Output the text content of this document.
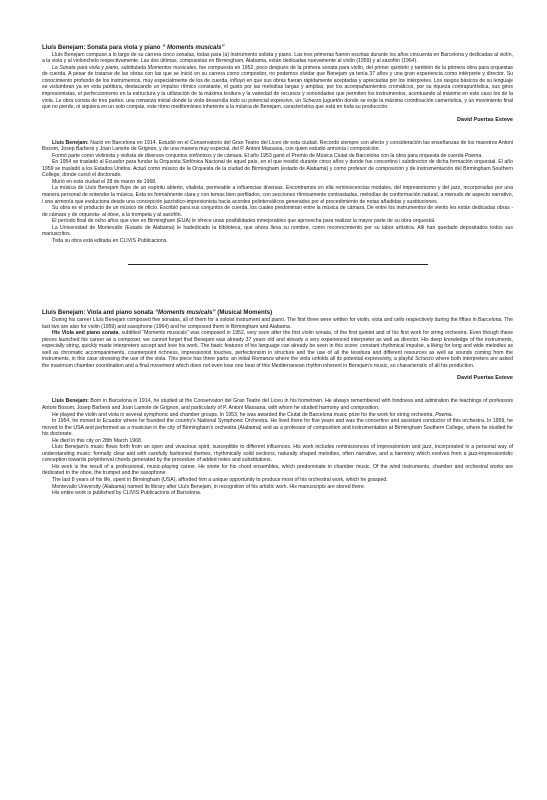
Lluís Benejam: Sonata para viola y piano “ Moments musicals”

Lluís Benejam compuso a lo largo de su carrera cinco sonatas, todas para (a) instrumento solista y piano. Las tres primeras fueron escritas durante los años cincuenta en Barcelona y dedicadas al violín, a la viola y al violonchelo respectivamente. Las dos últimas, compuestas en Birmingham, Alabama, están dedicadas nuevamente al violín (1959) y al saxofón (1964).

La Sonata para viola y piano, subtitulada Momentos musicales, fue compuesta en 1952, poco después de la primera sonata para violín, del primer quinteto y también de la primera obra para orquestas de cuerda. A pesar de tratarse de las obras con las que se inició en su carrera como compositor, no podemos olvidar que Benejam ya tenía 37 años y una gran experiencia como intérprete y director. Su conocimiento profundo de los instrumentos, muy especialmente de los de cuerda, influyó en que sus obras fueran rápidamente aceptadas y apreciadas por los intérpretes. Los rasgos básicos de su lenguaje se vislumbran ya en esta partitura, destacando un impulso rítmico constante, el gusto por las melodías largas y amplias, por los acompañamientos cromáticos, por su riqueza contrapuntística, sus giros impresionistas, el perfeccionismo en la estructura y la utilización de la máxima tesitura y la variedad de recursos y sonoridades que permiten los instrumentos, acentuando al máximo en este caso los de la viola. La obra consta de tres partes: una romanza inicial donde la viola desarrolla todo su potencial expresivo, un Scherzo juguetón donde se exije la máxima coordinación camerística, y un movimiento final que no pierde, ni siquiera en un solo compás, este ritmo mediterráneo inherente a la música de Benejam, característica que está en toda su producción.

David Puertas Esteve

Lluís Benejam: Nació en Barcelona en 1914. Estudió en el Conservatorio del Gran Teatro del Liceo de esta ciudad. Recordó siempre con afecto y consideración las enseñanzas de los maestros Antoni Bosom, Josep Barberà y Joan Lamote de Grignon, y de una manera muy especial, del P. Antoni Massana, con quien estudió armonía i composición.

Formó parte como violinista y violista de diversos conjuntos sinfónicos y de cámara. El año 1953 ganó el Premio de Música Ciutat de Barcelona con la obra para orquesta de cuerda Poema.

En 1954 se trasladó al Ecuador para fundar la Orquesta Sinfónica Nacional de aquel país, en el que residió durante cinco años y donde fue concertino i subdirector de dicha formación orquestal. El año 1959 se trasladó a los Estados Unidos. Actuó como músico de la Orquesta de la ciudad de Birmingham (estado de Alabama) y como profesor de composición y de instrumentación del Birmingham Southern College, donde cursó el doctorado.

Murió en esta ciudad el 28 de marzo de 1968.

La música de Lluís Benejam fluye de un espíritu abierto, vitalista, permeable a influencias diversas. Encontramos en ella reminiscencias modales, del impresionismo y del jazz, incorporadas por una manera personal de entender la música. Esta es formalmente clara y con temas bien perfilados, con secciones rítmicamente contrastadas, melodías de conformación natural, a menudo de aspecto narrativo, i una armonía que evoluciona desde una concepción jazzístico-impresionista hacia acordes polintervàlicos generados por el procedimiento de notas añadidas y sustituciones.

Su obra es el producto de un músico de oficio. Escribió para sus conjuntos de cuerda, los cuales predominan entre la música de cámara. De entre los instrumentos de viento les están dedicadas obras -de cámara y de orquesta- al oboe, a la trompeta y al saxofón.

El período final de ocho años que vive en Birmingham (EUA) le ofrece unas posibilidades inmejorables que aprovecha para realizar la mayor parte de su obra orquestal.

La Universidad de Montevallo (Estado de Alabama) le hadedicado la biblioteca, que ahora lleva su nombre, como reconocimiento por su labor artística. Allí han quedado depositados todos sus manuscritos.

Toda su obra está editada en CLIVIS Publicacions.

Lluís Benejam: Viola and piano sonata “Moments musicals” (Musical Moments)

During his career Lluís Benejam composed five sonatas, all of them for a soloist instrument and piano. The first three were written for violin, viola and cello respectively during the fifties in Barcelona. The last two are also for violin (1959) and saxophone (1964) and he composed them in Birmingham and Alabama.

His Viola and piano sonata, subtitled “Moments musicals” was composed in 1952, very soon after the first violin sonata, of the first quintet and of his first work for string orchestra. Even though these pieces launched his career as a composer, we cannot forget that Benejam was already 37 years old and already a very experienced interpreter as well as director. His deep knowledge of the instruments, especially string, quickly made interpreters accept and love his work. The basic features of his language can already be seen in this score: constant rhythmical impulse, a liking for long and wide melodies as well as chromatic accompaniments, counterpoint richness, impressionist touches, perfectionism in structure and the use of all the tessitura and different resources as well as sounds coming from the instruments, in this case stressing the use of the viola. This piece has three parts: an initial Romanza where the viola unfolds all its potential expressivity, a playful Scherzo where both interpreters are asked the maximum chamber coordination and a final movement which does not even lose one beat of this Mediterranean rhythm inherent in Benejam's music, so characteristic of all his production.

David Puertas Esteve

Lluís Benejam: Born in Barcelona in 1914, he studied at the Conservatori del Gran Teatre del Liceu in his hometown. He always remembered with fondness and admiration the teachings of professors Antoni Bosom, Josep Barberà and Joan Lamote de Grignon, and particularly of P. Antoni Massana, with whom he studied harmony and composition.

He played the violin and viola in several symphonic and chamber groups. In 1953, he was awarded the Ciutat de Barcelona music prize for the work for string orchestra, Poema.

In 1954, he moved to Ecuador where he founded the country's National Symphonic Orchestra. He lived there for five years and was the concertino and assistant conductor of this orchestra. In 1959, he moved to the USA and performed as a musician in the city of Birmingham's orchestra (Alabama) and as a professor of composition and instrumentation at Birmingham Southern College, where he studied for his doctorate.

He died in this city on 28th March 1968.

Lluís Benejam's music flows forth from an open and vivacious spirit, susceptible to different influences. His work includes reminiscences of impressionism and jazz, incorporated in a personal way of understanding music: formally clear and with carefully fashioned themes, rhythmically solid sections, naturally shaped melodies, often narrative, and a harmony which evolves from a jazz-impressionistic conception towards polyinterval chords generated by the procedure of added notes and substitutions.

His work is the result of a professional, music-playing career. He wrote for his chord ensembles, which predominate in chamber music. Of the wind instruments, chamber and orchestral works are dedicated to the oboe, the trumpet and the saxophone.

The last 8 years of his life, spent in Birmingham (USA), afforded him a unique opportunity to produce most of his orchestral work, which he grasped.

Montevallo University (Alabama) named its library after Lluís Benejam, in recognition of his artistic work. His manuscripts are stored there.

His entire work is published by CLIVIS Publicacions of Barcelona.
